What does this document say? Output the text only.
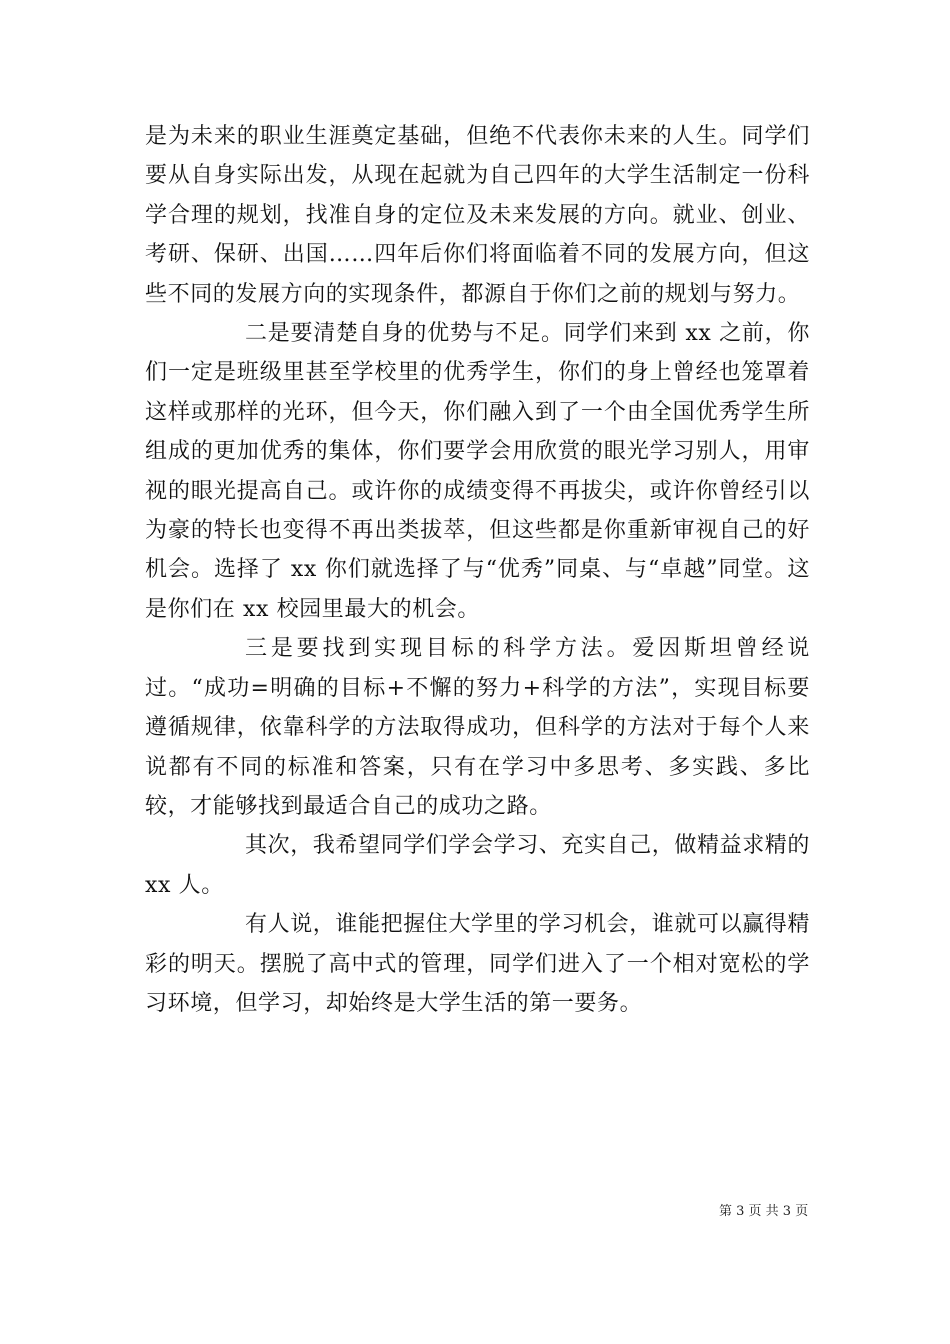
是为未来的职业生涯奠定基础，但绝不代表你未来的人生。同学们要从自身实际出发，从现在起就为自己四年的大学生活制定一份科学合理的规划，找准自身的定位及未来发展的方向。就业、创业、考研、保研、出国……四年后你们将面临着不同的发展方向，但这些不同的发展方向的实现条件，都源自于你们之前的规划与努力。

二是要清楚自身的优势与不足。同学们来到 xx 之前，你们一定是班级里甚至学校里的优秀学生，你们的身上曾经也笼罩着这样或那样的光环，但今天，你们融入到了一个由全国优秀学生所组成的更加优秀的集体，你们要学会用欣赏的眼光学习别人，用审视的眼光提高自己。或许你的成绩变得不再拔尖，或许你曾经引以为豪的特长也变得不再出类拔萃，但这些都是你重新审视自己的好机会。选择了 xx 你们就选择了与“优秀”同桌、与“卓越”同堂。这是你们在 xx 校园里最大的机会。

三是要找到实现目标的科学方法。爱因斯坦曾经说过。“成功=明确的目标+不懈的努力+科学的方法”，实现目标要遵循规律，依靠科学的方法取得成功，但科学的方法对于每个人来说都有不同的标准和答案，只有在学习中多思考、多实践、多比较，才能够找到最适合自己的成功之路。

其次，我希望同学们学会学习、充实自己，做精益求精的 xx 人。

有人说，谁能把握住大学里的学习机会，谁就可以赢得精彩的明天。摆脱了高中式的管理，同学们进入了一个相对宽松的学习环境，但学习，却始终是大学生活的第一要务。

第 3 页 共 3 页
